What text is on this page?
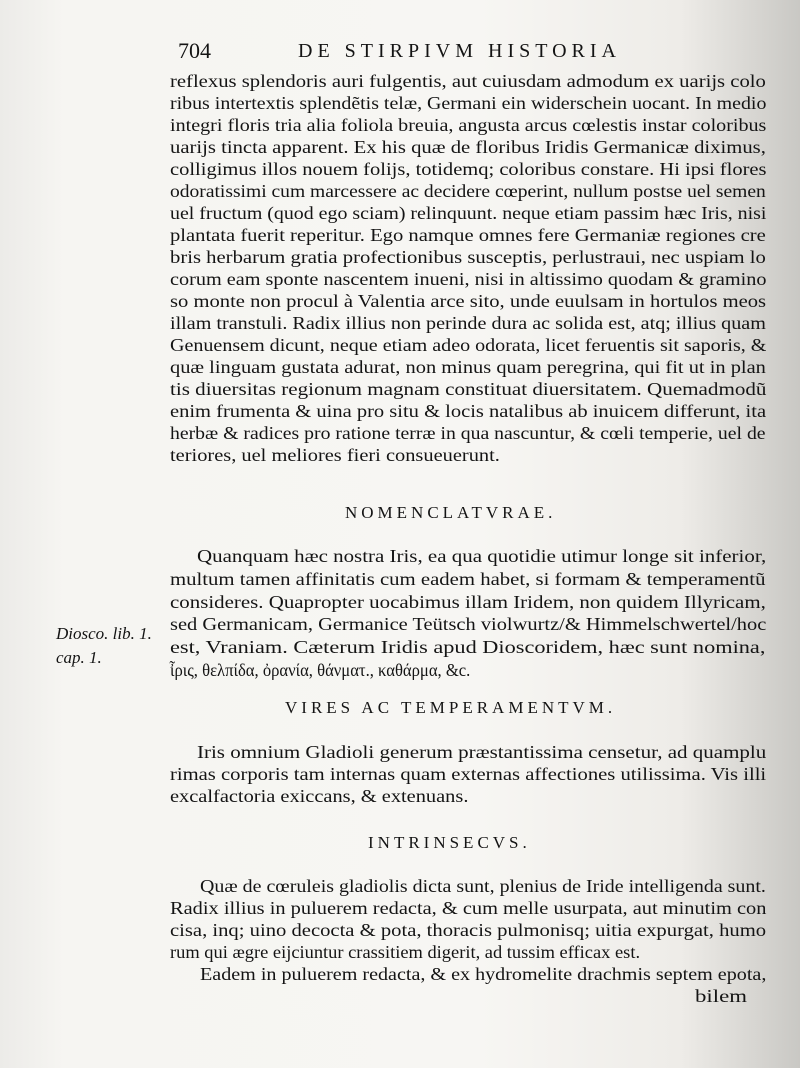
704	DE STIRPIVM HISTORIA
reflexus splendoris auri fulgentis, aut cuiusdam admodum ex uarijs colo
ribus intertextis splendẽtis telæ, Germani ein widerschein uocant. In medio
integri floris tria alia foliola breuia, angusta arcus cœlestis instar coloribus
uarijs tincta apparent. Ex his quæ de floribus Iridis Germanicæ diximus,
colligimus illos nouem folijs, totidemq; coloribus constare. Hi ipsi flores
odoratissimi cum marcessere ac decidere cœperint, nullum postse uel semen
uel fructum (quod ego sciam) relinquunt. neque etiam passim hæc Iris, nisi
plantata fuerit reperitur. Ego namque omnes fere Germaniæ regiones cre
bris herbarum gratia profectionibus susceptis, perlustraui, nec uspiam lo
corum eam sponte nascentem inueni, nisi in altissimo quodam & gramino
so monte non procul à Valentia arce sito, unde euulsam in hortulos meos
illam transtuli. Radix illius non perinde dura ac solida est, atq; illius quam
Genuensem dicunt, neque etiam adeo odorata, licet feruentis sit saporis, &
quæ linguam gustata adurat, non minus quam peregrina, qui fit ut in plan
tis diuersitas regionum magnam constituat diuersitatem. Quemadmodũ
enim frumenta & uina pro situ & locis natalibus ab inuicem differunt, ita
herbæ & radices pro ratione terræ in qua nascuntur, & cœli temperie, uel de
teriores, uel meliores fieri consueuerunt.
NOMENCLATVRAE.
Quanquam hæc nostra Iris, ea qua quotidie utimur longe sit inferior,
multum tamen affinitatis cum eadem habet, si formam & temperamentũ
consideres. Quapropter uocabimus illam Iridem, non quidem Illyricam,
sed Germanicam, Germanice Teütsch violwurtz/& Himmelschwertel/hoc
est, Vraniam. Cæterum Iridis apud Dioscoridem, hæc sunt nomina,
ἶρις, θελπίδα, ὀρανία, θάνματ., καθάρμα, &c.
Diosco. lib. 1.
cap. 1.
VIRES AC TEMPERAMENTVM.
Iris omnium Gladioli generum præstantissima censetur, ad quamplu
rimas corporis tam internas quam externas affectiones utilissima. Vis illi
excalfactoria exiccans, & extenuans.
INTRINSECVS.
Quæ de cœruleis gladiolis dicta sunt, plenius de Iride intelligenda sunt.
Radix illius in puluerem redacta, & cum melle usurpata, aut minutim con
cisa, inq; uino decocta & pota, thoracis pulmonisq; uitia expurgat, humo
rum qui ægre eijciuntur crassitiem digerit, ad tussim efficax est.
Eadem in puluerem redacta, & ex hydromelite drachmis septem epota,
bilem
